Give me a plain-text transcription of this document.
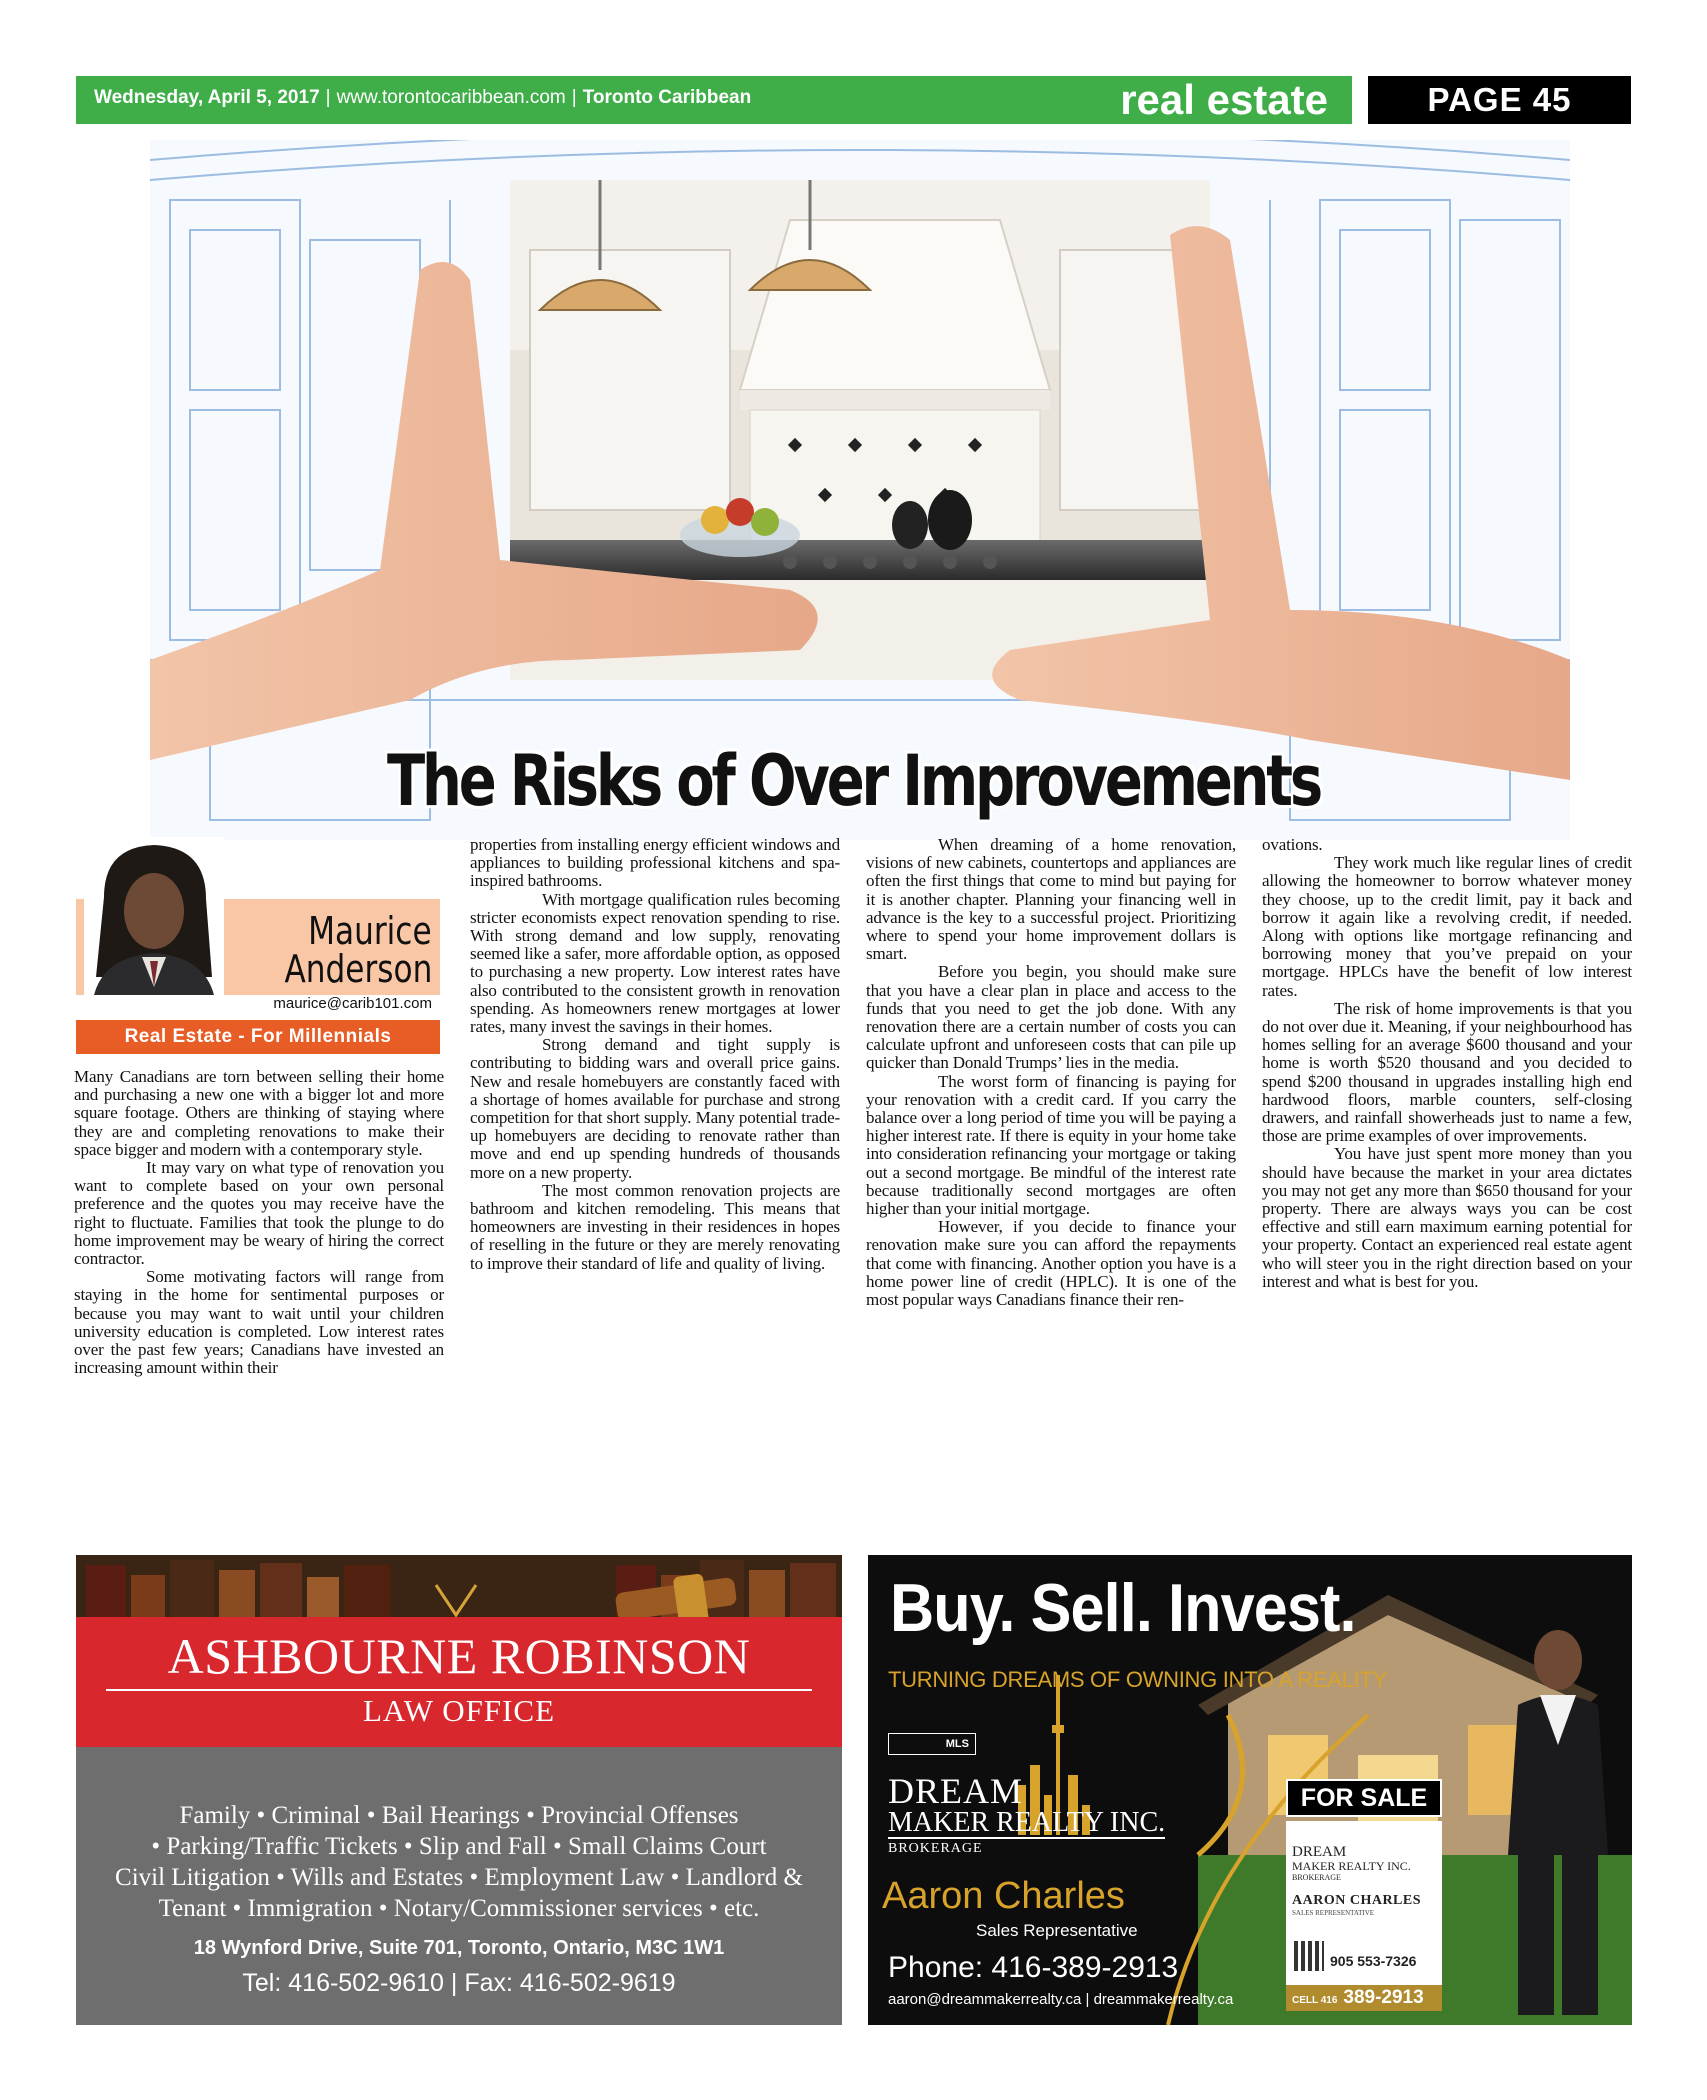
Wednesday, April 5, 2017 | www.torontocaribbean.com | Toronto Caribbean	real estate	PAGE 45
The Risks of Over Improvements
Maurice
Anderson
maurice@carib101.com
Real Estate - For Millennials

Many Canadians are torn between selling their home and purchasing a new one with a bigger lot and more square footage. Others are thinking of staying where they are and completing renovations to make their space bigger and modern with a contemporary style.

It may vary on what type of renovation you want to complete based on your own personal preference and the quotes you may receive have the right to fluctuate. Families that took the plunge to do home improvement may be weary of hiring the correct contractor.

Some motivating factors will range from staying in the home for sentimental purposes or because you may want to wait until your children university education is completed. Low interest rates over the past few years; Canadians have invested an increasing amount within their

properties from installing energy efficient windows and appliances to building professional kitchens and spa-inspired bathrooms.

With mortgage qualification rules becoming stricter economists expect renovation spending to rise. With strong demand and low supply, renovating seemed like a safer, more affordable option, as opposed to purchasing a new property. Low interest rates have also contributed to the consistent growth in renovation spending. As homeowners renew mortgages at lower rates, many invest the savings in their homes.

Strong demand and tight supply is contributing to bidding wars and overall price gains. New and resale homebuyers are constantly faced with a shortage of homes available for purchase and strong competition for that short supply. Many potential trade-up homebuyers are deciding to renovate rather than move and end up spending hundreds of thousands more on a new property.

The most common renovation projects are bathroom and kitchen remodeling. This means that homeowners are investing in their residences in hopes of reselling in the future or they are merely renovating to improve their standard of life and quality of living.

When dreaming of a home renovation, visions of new cabinets, countertops and appliances are often the first things that come to mind but paying for it is another chapter. Planning your financing well in advance is the key to a successful project. Prioritizing where to spend your home improvement dollars is smart.

Before you begin, you should make sure that you have a clear plan in place and access to the funds that you need to get the job done. With any renovation there are a certain number of costs you can calculate upfront and unforeseen costs that can pile up quicker than Donald Trumps’ lies in the media.

The worst form of financing is paying for your renovation with a credit card. If you carry the balance over a long period of time you will be paying a higher interest rate. If there is equity in your home take into consideration refinancing your mortgage or taking out a second mortgage. Be mindful of the interest rate because traditionally second mortgages are often higher than your initial mortgage.

However, if you decide to finance your renovation make sure you can afford the repayments that come with financing. Another option you have is a home power line of credit (HPLC). It is one of the most popular ways Canadians finance their ren-

ovations.

They work much like regular lines of credit allowing the homeowner to borrow whatever money they choose, up to the credit limit, pay it back and borrow it again like a revolving credit, if needed. Along with options like mortgage refinancing and borrowing money that you’ve prepaid on your mortgage. HPLCs have the benefit of low interest rates.

The risk of home improvements is that you do not over due it. Meaning, if your neighbourhood has homes selling for an average $600 thousand and your home is worth $520 thousand and you decided to spend $200 thousand in upgrades installing high end hardwood floors, marble counters, self-closing drawers, and rainfall showerheads just to name a few, those are prime examples of over improvements.

You have just spent more money than you should have because the market in your area dictates you may not get any more than $650 thousand for your property. There are always ways you can be cost effective and still earn maximum earning potential for your property. Contact an experienced real estate agent who will steer you in the right direction based on your interest and what is best for you.

ASHBOURNE ROBINSON
LAW OFFICE
Family • Criminal • Bail Hearings • Provincial Offenses
• Parking/Traffic Tickets • Slip and Fall • Small Claims Court
Civil Litigation • Wills and Estates • Employment Law • Landlord &
Tenant • Immigration • Notary/Commissioner services • etc.
18 Wynford Drive, Suite 701, Toronto, Ontario, M3C 1W1
Tel: 416-502-9610 | Fax: 416-502-9619
Buy. Sell. Invest.
TURNING DREAMS OF OWNING INTO A REALITY
MLS
DREAM
MAKER REALTY INC.
BROKERAGE
Aaron Charles
Sales Representative
Phone: 416-389-2913
aaron@dreammakerrealty.ca | dreammakerrealty.ca
FOR SALE
DREAM
MAKER REALTY INC.
BROKERAGE
AARON CHARLES
SALES REPRESENTATIVE
905 553-7326
CELL 416 389-2913
